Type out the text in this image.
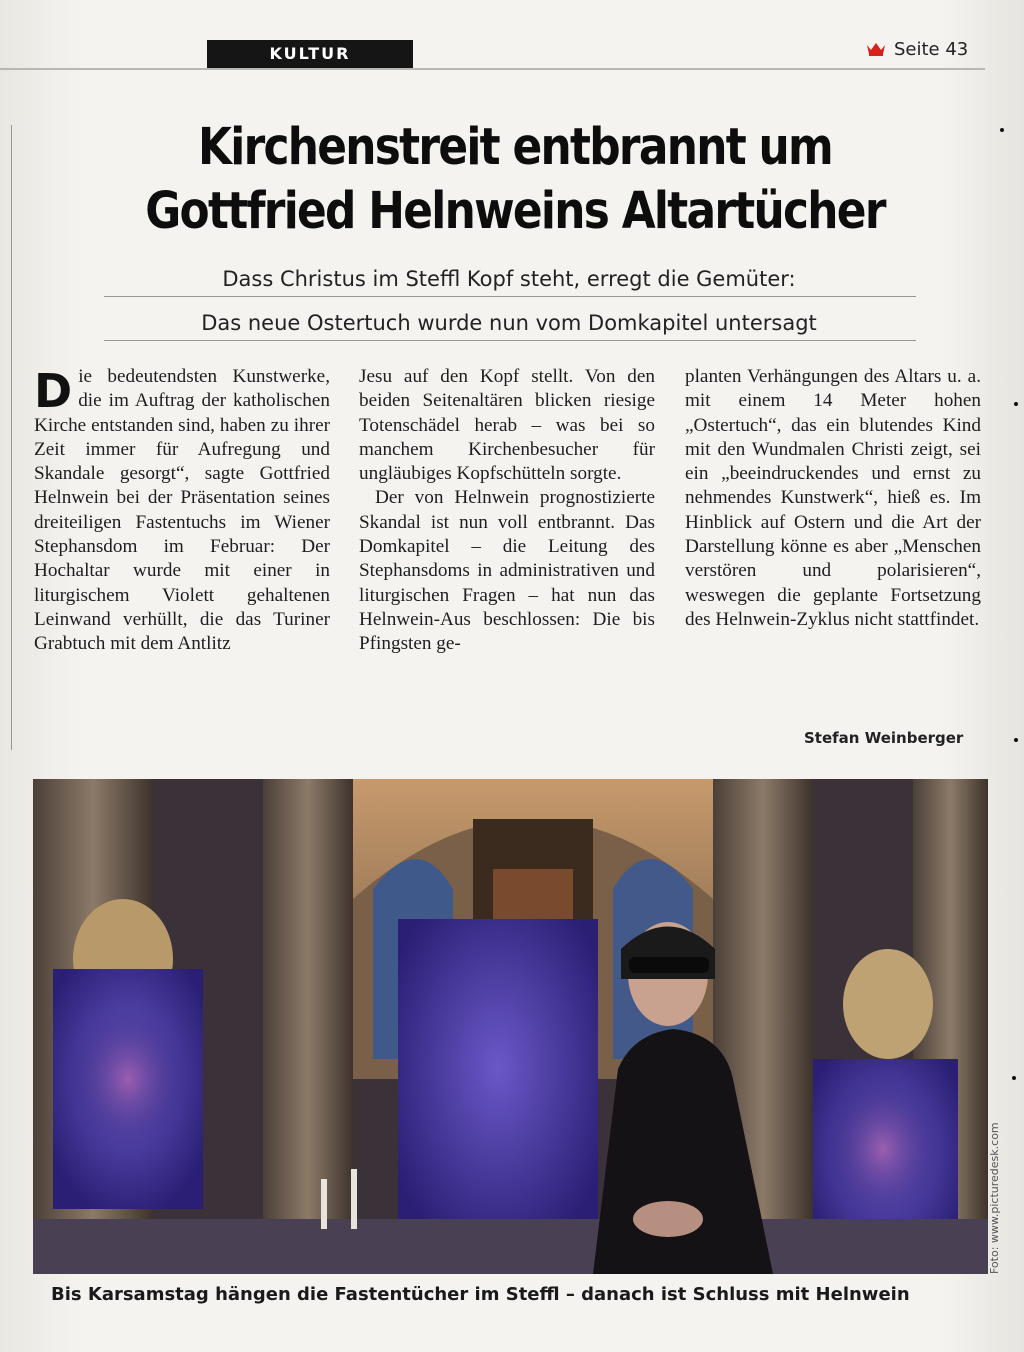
KULTUR	Seite 43
Kirchenstreit entbrannt um
Gottfried Helnweins Altartücher
Dass Christus im Steffl Kopf steht, erregt die Gemüter:
Das neue Ostertuch wurde nun vom Domkapitel untersagt
D ie bedeutendsten Kunstwerke, die im Auftrag der katholischen Kirche entstanden sind, haben zu ihrer Zeit immer für Aufregung und Skandale gesorgt“, sagte Gottfried Helnwein bei der Präsentation seines dreiteiligen Fastentuchs im Wiener Stephansdom im Februar: Der Hochaltar wurde mit einer in liturgischem Violett gehaltenen Leinwand verhüllt, die das Turiner Grabtuch mit dem Antlitz

Jesu auf den Kopf stellt. Von den beiden Seitenaltären blicken riesige Totenschädel herab – was bei so manchem Kirchenbesucher für ungläubiges Kopfschütteln sorgte.

Der von Helnwein prognostizierte Skandal ist nun voll entbrannt. Das Domkapitel – die Leitung des Stephansdoms in administrativen und liturgischen Fragen – hat nun das Helnwein-Aus beschlossen: Die bis Pfingsten ge-

planten Verhängungen des Altars u. a. mit einem 14 Meter hohen „Ostertuch“, das ein blutendes Kind mit den Wundmalen Christi zeigt, sei ein „beeindruckendes und ernst zu nehmendes Kunstwerk“, hieß es. Im Hinblick auf Ostern und die Art der Darstellung könne es aber „Menschen verstören und polarisieren“, weswegen die geplante Fortsetzung des Helnwein-Zyklus nicht stattfindet.

Stefan Weinberger
Foto: www.picturedesk.com
Bis Karsamstag hängen die Fastentücher im Steffl – danach ist Schluss mit Helnwein
